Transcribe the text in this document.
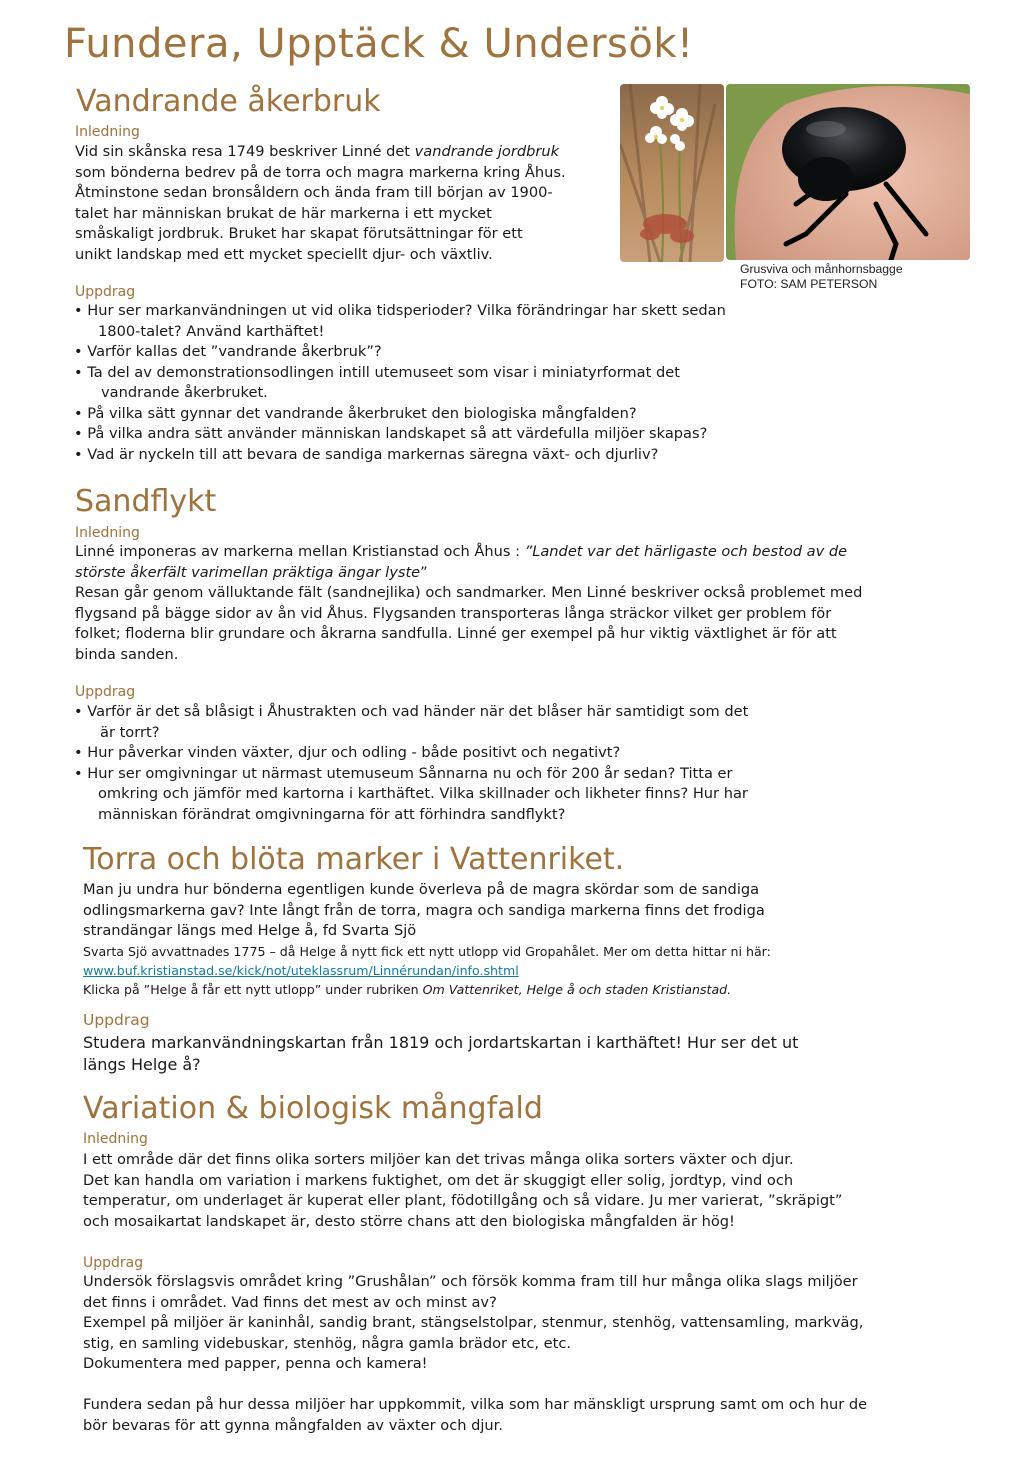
Fundera, Upptäck & Undersök!
Vandrande åkerbruk
Inledning
Vid sin skånska resa 1749 beskriver Linné det vandrande jordbruk
som bönderna bedrev på de torra och magra markerna kring Åhus.
Åtminstone sedan bronsåldern och ända fram till början av 1900-
talet har människan brukat de här markerna i ett mycket
småskaligt jordbruk. Bruket har skapat förutsättningar för ett
unikt landskap med ett mycket speciellt djur- och växtliv.
Grusviva och månhornsbagge
FOTO: SAM PETERSON
Uppdrag
• Hur ser markanvändningen ut vid olika tidsperioder? Vilka förändringar har skett sedan
1800-talet? Använd karthäftet!
• Varför kallas det ”vandrande åkerbruk”?
• Ta del av demonstrationsodlingen intill utemuseet som visar i miniatyrformat det
vandrande åkerbruket.
• På vilka sätt gynnar det vandrande åkerbruket den biologiska mångfalden?
• På vilka andra sätt använder människan landskapet så att värdefulla miljöer skapas?
• Vad är nyckeln till att bevara de sandiga markernas säregna växt- och djurliv?
Sandflykt
Inledning
Linné imponeras av markerna mellan Kristianstad och Åhus : ”Landet var det härligaste och bestod av de
störste åkerfält varimellan präktiga ängar lyste”
Resan går genom välluktande fält (sandnejlika) och sandmarker. Men Linné beskriver också problemet med
flygsand på bägge sidor av ån vid Åhus. Flygsanden transporteras långa sträckor vilket ger problem för
folket; floderna blir grundare och åkrarna sandfulla. Linné ger exempel på hur viktig växtlighet är för att
binda sanden.
Uppdrag
• Varför är det så blåsigt i Åhustrakten och vad händer när det blåser här samtidigt som det
är torrt?
• Hur påverkar vinden växter, djur och odling - både positivt och negativt?
• Hur ser omgivningar ut närmast utemuseum Sånnarna nu och för 200 år sedan? Titta er
omkring och jämför med kartorna i karthäftet. Vilka skillnader och likheter finns? Hur har
människan förändrat omgivningarna för att förhindra sandflykt?
Torra och blöta marker i Vattenriket.
Man ju undra hur bönderna egentligen kunde överleva på de magra skördar som de sandiga
odlingsmarkerna gav? Inte långt från de torra, magra och sandiga markerna finns det frodiga
strandängar längs med Helge å, fd Svarta Sjö
Svarta Sjö avvattnades 1775 – då Helge å nytt fick ett nytt utlopp vid Gropahålet. Mer om detta hittar ni här:
www.buf.kristianstad.se/kick/not/uteklassrum/Linnérundan/info.shtml
Klicka på ”Helge å får ett nytt utlopp” under rubriken Om Vattenriket, Helge å och staden Kristianstad.
Uppdrag
Studera markanvändningskartan från 1819 och jordartskartan i karthäftet! Hur ser det ut
längs Helge å?
Variation & biologisk mångfald
Inledning
I ett område där det finns olika sorters miljöer kan det trivas många olika sorters växter och djur.
Det kan handla om variation i markens fuktighet, om det är skuggigt eller solig, jordtyp, vind och
temperatur, om underlaget är kuperat eller plant, födotillgång och så vidare. Ju mer varierat, ”skräpigt”
och mosaikartat landskapet är, desto större chans att den biologiska mångfalden är hög!
Uppdrag
Undersök förslagsvis området kring ”Grushålan” och försök komma fram till hur många olika slags miljöer
det finns i området. Vad finns det mest av och minst av?
Exempel på miljöer är kaninhål, sandig brant, stängselstolpar, stenmur, stenhög, vattensamling, markväg,
stig, en samling videbuskar, stenhög, några gamla brädor etc, etc.
Dokumentera med papper, penna och kamera!
Fundera sedan på hur dessa miljöer har uppkommit, vilka som har mänskligt ursprung samt om och hur de
bör bevaras för att gynna mångfalden av växter och djur.
